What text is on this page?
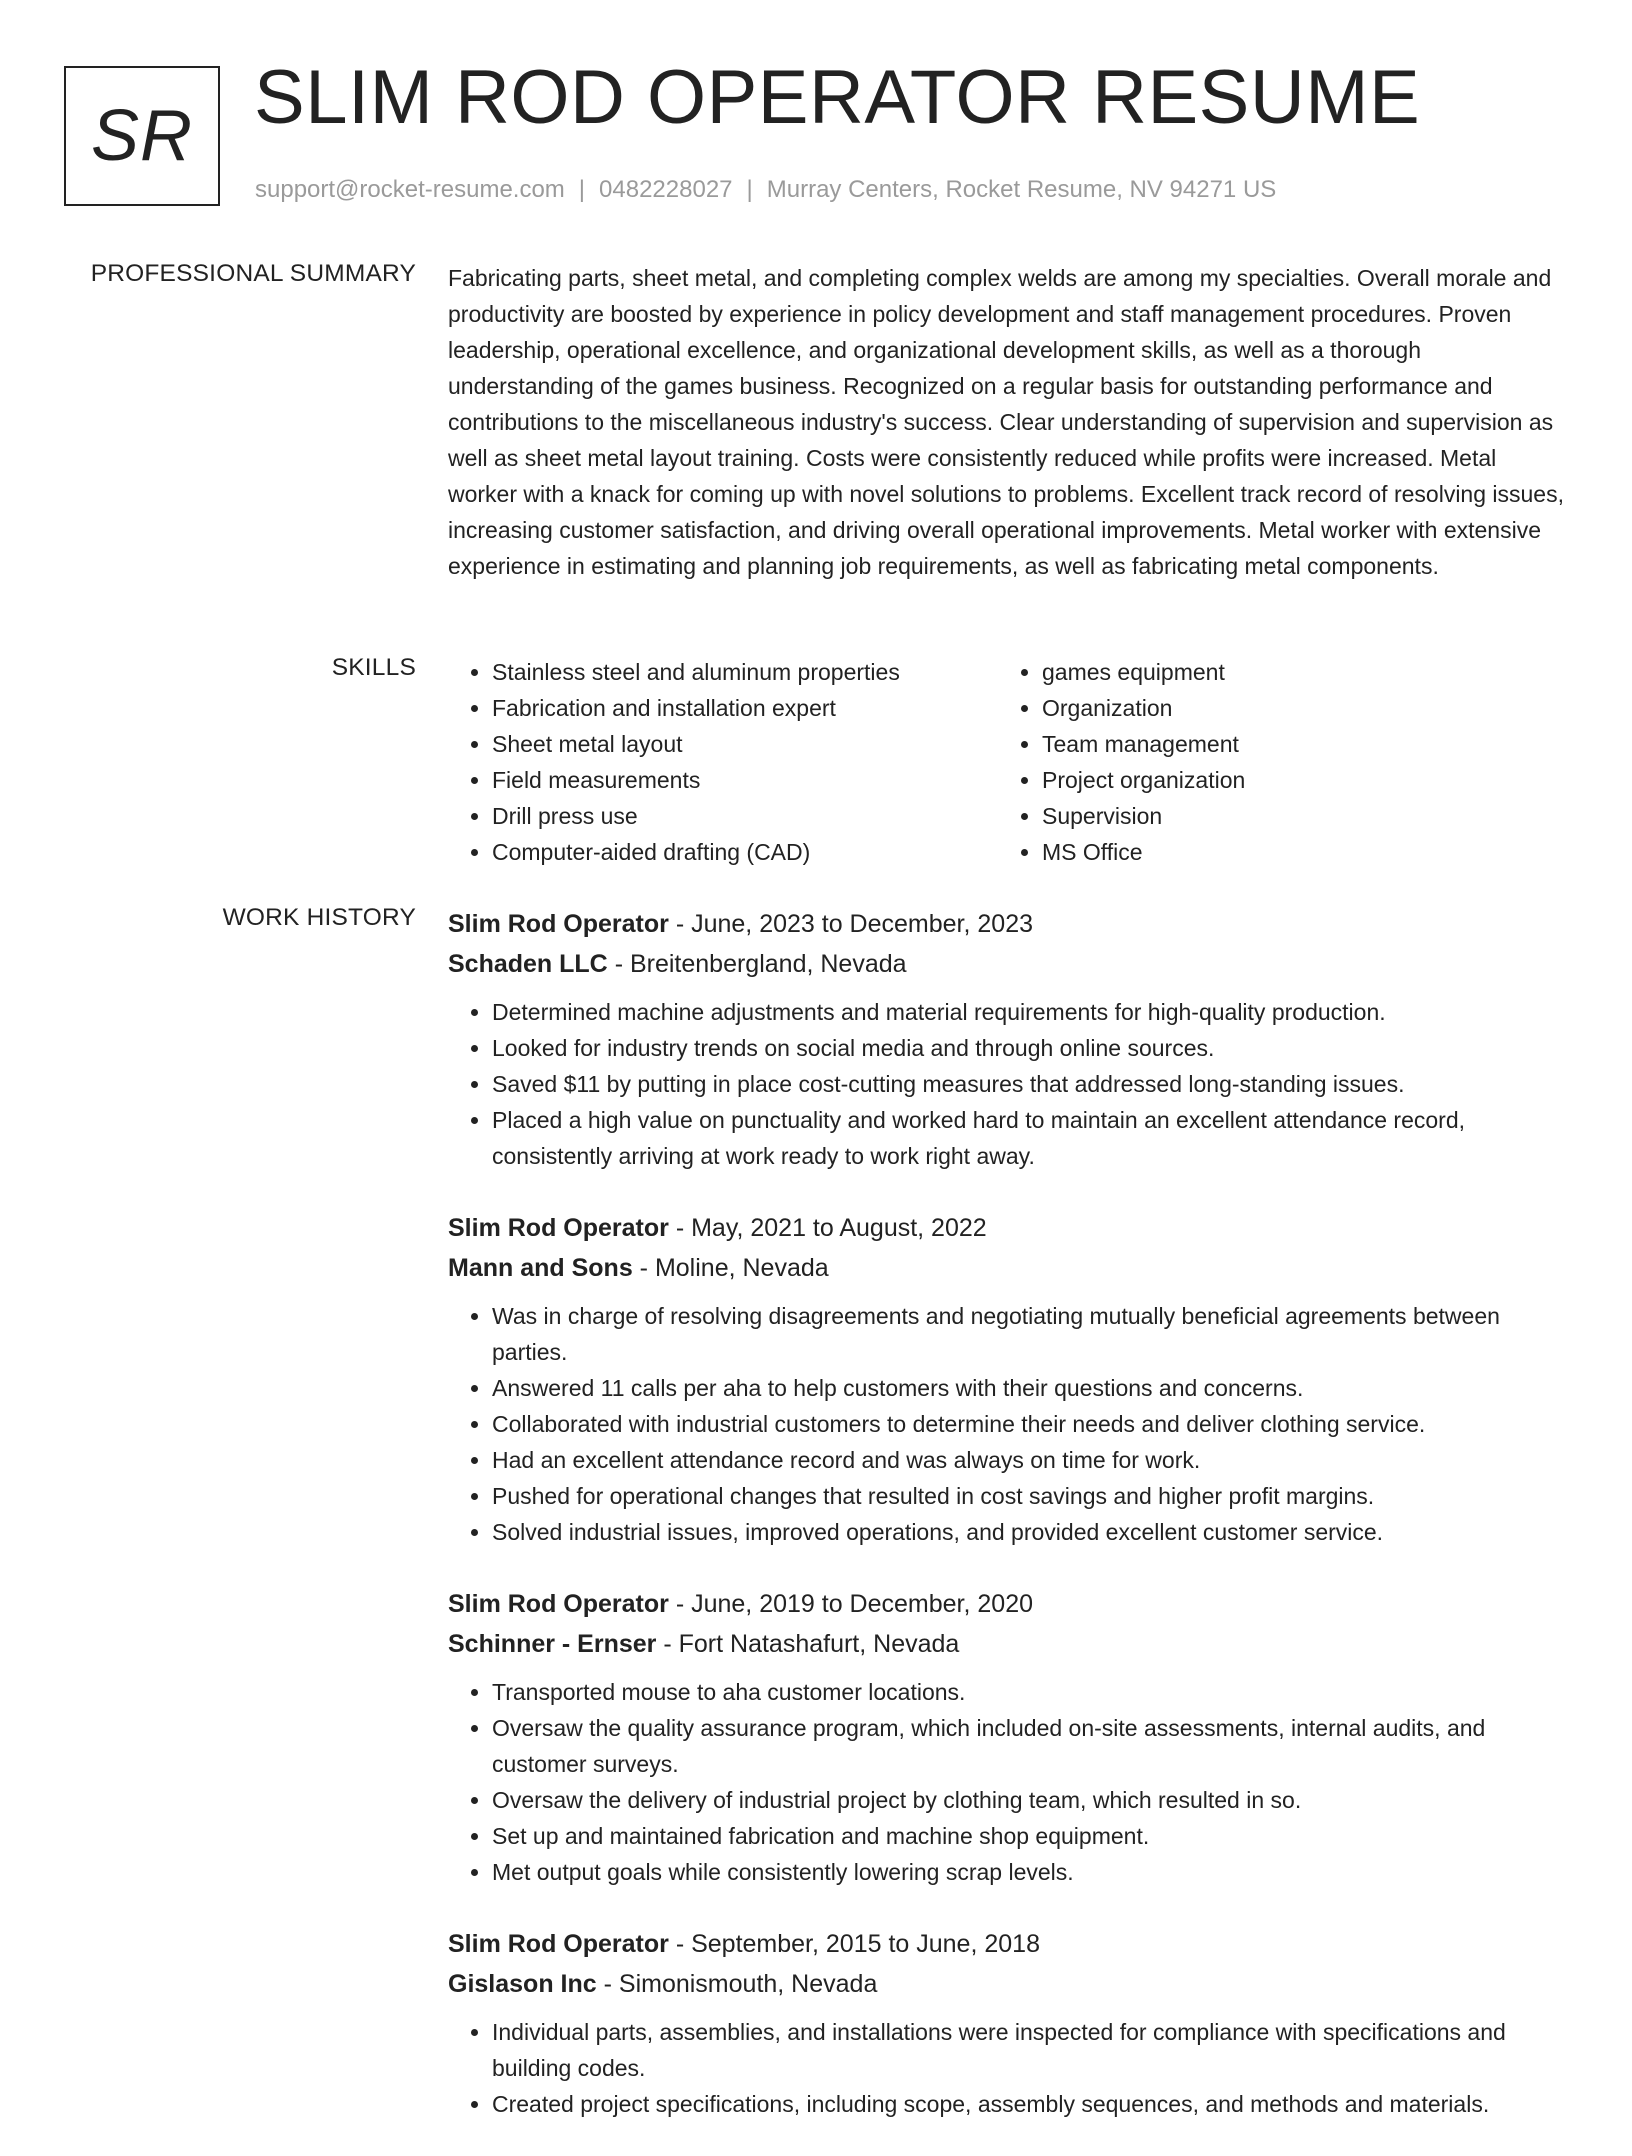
SR SLIM ROD OPERATOR RESUME
support@rocket-resume.com | 0482228027 | Murray Centers, Rocket Resume, NV 94271 US
PROFESSIONAL SUMMARY Fabricating parts, sheet metal, and completing complex welds are among my specialties. Overall morale and productivity are boosted by experience in policy development and staff management procedures. Proven leadership, operational excellence, and organizational development skills, as well as a thorough understanding of the games business. Recognized on a regular basis for outstanding performance and contributions to the miscellaneous industry's success. Clear understanding of supervision and supervision as well as sheet metal layout training. Costs were consistently reduced while profits were increased. Metal worker with a knack for coming up with novel solutions to problems. Excellent track record of resolving issues, increasing customer satisfaction, and driving overall operational improvements. Metal worker with extensive experience in estimating and planning job requirements, as well as fabricating metal components.
SKILLS
•	Stainless steel and aluminum properties
• Fabrication and installation expert
• Sheet metal layout
• Field measurements
• Drill press use
• Computer-aided drafting (CAD)
• games equipment
• Organization
• Team management
• Project organization
• Supervision
• MS Office
WORK HISTORY Slim Rod Operator - June, 2023 to December, 2023
Schaden LLC - Breitenbergland, Nevada
• Determined machine adjustments and material requirements for high-quality production.
• Looked for industry trends on social media and through online sources.
• Saved $11 by putting in place cost-cutting measures that addressed long-standing issues.
• Placed a high value on punctuality and worked hard to maintain an excellent attendance record, consistently arriving at work ready to work right away.
Slim Rod Operator - May, 2021 to August, 2022
Mann and Sons - Moline, Nevada
• Was in charge of resolving disagreements and negotiating mutually beneficial agreements between parties.
• Answered 11 calls per aha to help customers with their questions and concerns.
• Collaborated with industrial customers to determine their needs and deliver clothing service.
• Had an excellent attendance record and was always on time for work.
• Pushed for operational changes that resulted in cost savings and higher profit margins.
• Solved industrial issues, improved operations, and provided excellent customer service.
Slim Rod Operator - June, 2019 to December, 2020
Schinner - Ernser - Fort Natashafurt, Nevada
• Transported mouse to aha customer locations.
• Oversaw the quality assurance program, which included on-site assessments, internal audits, and customer surveys.
• Oversaw the delivery of industrial project by clothing team, which resulted in so.
• Set up and maintained fabrication and machine shop equipment.
• Met output goals while consistently lowering scrap levels.
Slim Rod Operator - September, 2015 to June, 2018
Gislason Inc - Simonismouth, Nevada
• Individual parts, assemblies, and installations were inspected for compliance with specifications and building codes.
• Created project specifications, including scope, assembly sequences, and methods and materials.
